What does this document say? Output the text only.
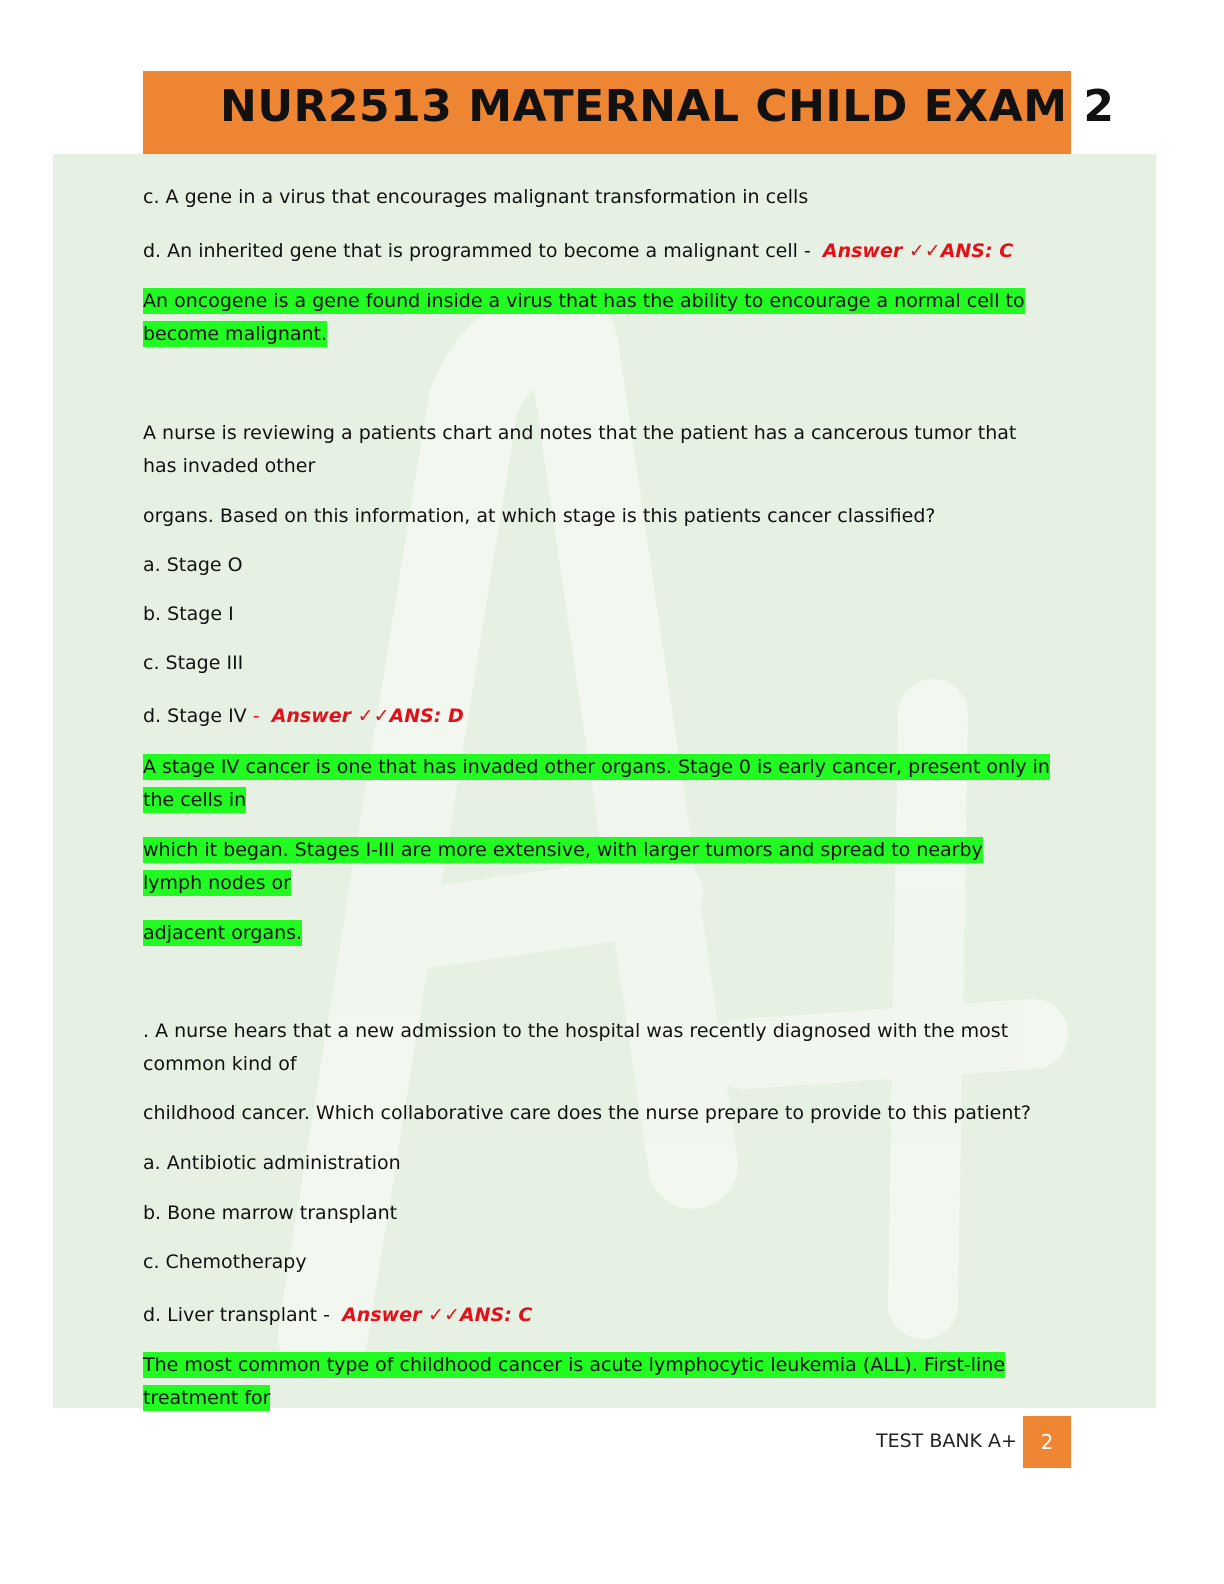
NUR2513 MATERNAL CHILD EXAM 2
c. A gene in a virus that encourages malignant transformation in cells
d. An inherited gene that is programmed to become a malignant cell -  Answer ✓✓ANS: C
An oncogene is a gene found inside a virus that has the ability to encourage a normal cell to
become malignant.
A nurse is reviewing a patients chart and notes that the patient has a cancerous tumor that
has invaded other
organs. Based on this information, at which stage is this patients cancer classified?
a. Stage O
b. Stage I
c. Stage III
d. Stage IV - Answer ✓✓ANS: D
A stage IV cancer is one that has invaded other organs. Stage 0 is early cancer, present only in
the cells in
which it began. Stages I-III are more extensive, with larger tumors and spread to nearby
lymph nodes or
adjacent organs.
. A nurse hears that a new admission to the hospital was recently diagnosed with the most
common kind of
childhood cancer. Which collaborative care does the nurse prepare to provide to this patient?
a. Antibiotic administration
b. Bone marrow transplant
c. Chemotherapy
d. Liver transplant -  Answer ✓✓ANS: C
The most common type of childhood cancer is acute lymphocytic leukemia (ALL). First-line
treatment for
TEST BANK A+	2
